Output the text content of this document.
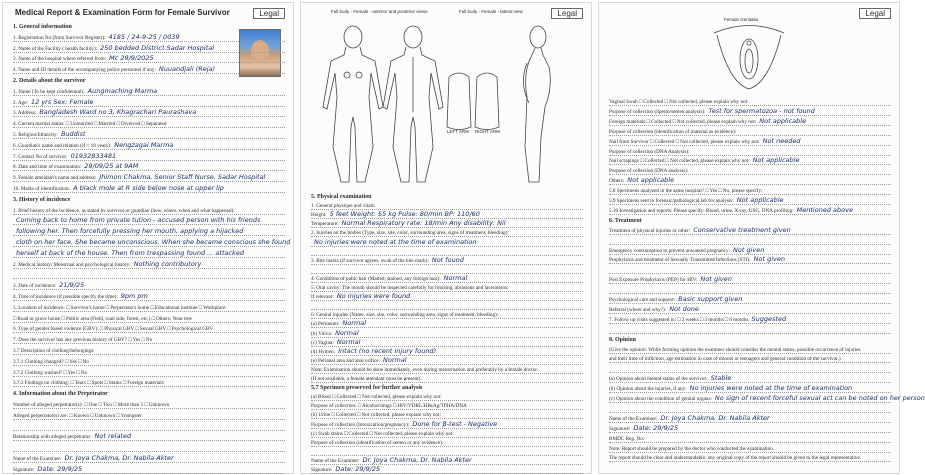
Medical Report & Examination Form for Female Survivor	Legal
1. General information
1. Registration No (from Survivor Register): 4185 / 24-9-25 / 0039
2. Name of the Facility ( health facility): 250 bedded District Sadar Hospital
3. Name of the hospital where referred from: Mc 29/9/2025
4. Name and ID details of the accompanying police personnel if any: Nuuandjali (Reja)
2. Details about the survivor
1. Name (To be kept confidential): Aungmaching Marma
2. Age: 12 yrs Sex: Female
3. Address: Bangladesh Ward no 3, Khagrachari Paurashava
4. Current marital status: □ Unmarried □ Married □ Divorced □ Separated
5. Religion/Ethnicity: Buddist
6. Guardian's name and relation (if < 18 years): Nengzagai Marma
7. Contact No of survivor: 01932833481
8. Date and time of examination: 29/09/25 at 9AM
9. Female attendant's name and address: Jhimon Chakma, Senior Staff Nurse, Sadar Hospital
10. Marks of identification: A black mole at R side below nose at upper lip
3. History of incidence
1. Brief history of the incidence, as stated by survivor or guardian (how, where, when and what happened):
Coming back to home from private tution - accused person with his friends
following her. Then forcefully pressing her mouth, applying a hijacked
cloth on her face. She became unconscious. When she became conscious she found
herself at back of the house. Then from trespassing found ... attacked
2. Medical history/ Menstrual and psychological history: Nothing contributory
3. Date of incidence: 21/9/25
4. Time of incidence (if possible specify the time): 9pm pm
5. Location of incidence: □ Survivor's home □ Perpetrator's home □ Educational institute □ Workplace
□ Road or grave house □ Public area (Field, road side, forest, etc.) □ Others: Near tree
6. Type of gender based violence (GBV): □ Physical GBV □ Sexual GBV □ Psychological GBV
7. Does the survivor has any previous history of GBV? □ Yes □ No
3.7 Description of clothing/belongings:
3.7.1 Clothing changed? □ Yes □ No
3.7.2 Clothing washed? □ Yes □ No
3.7.3 Findings on clothing: □ Tears □ Spots □ Stains □ Foreign materials
4. Information about the Perpetrator
Number of alleged perpetrator(s): □ One □ Two □ More than 5 □ Unknown
Alleged perpetrator(s) are: □ Known □ Unknown □ Youngster
Relationship with alleged perpetrator: Not related
Name of the Examiner: Dr. Joya Chakma, Dr. Nabila Akter
Signature: Date: 29/9/25
Legal
Full body - Female - anterior and posterior views	Full body - Female - lateral view
LEFT ARM RIGHT ARM
5. Physical examination
1. General physique and vitals:
Height: 5 feet Weight: 55 kg Pulse: 80/min BP: 110/60
Temperature: Normal Respiratory rate: 18/min Any disability: Nil
2. Injuries on the bodies (Type, size, site, color, surrounding area, signs of treatment, bleeding):
No injuries were noted at the time of examination
3. Bite marks (if survivor agrees, swab of the bite mark): Not found
4. Conditions of pubic hair (Matted, stained, any foreign hair): Normal
5. Oral cavity: The mouth should be inspected carefully for bruising, abrasions and lacerations:
If relevant: No injuries were found
6. Genital injuries (Name, size, site, color, surrounding area, signs of treatment, bleeding):
(a) Perineum: Normal
(b) Vulva: Normal
(c) Vagina: Normal
(d) Hymen: Intact (no recent injury found)
(e) Perianal area and anal orifice: Normal
Note: Examination should be done immediately, even during menstruation and preferably by a female doctor.
(If not available, a female attendant must be present).
5.7 Specimen preserved for further analysis
(a) Blood □ Collected □ Not collected, please explain why not:
Purpose of collection: □ Alcohol/drugs □ HIV/VDRL/HBsAg/TPHA/DNA
(b) Urine □ Collected □ Not collected, please explain why not:
Purpose of collection (Intoxication/pregnancy): Done for β-test - Negative
(c) Swab stains □ Collected □ Not collected, please explain why not:
Purpose of collection (identification of semen or any evidence):
Name of the Examiner: Dr. Joya Chakma, Dr. Nabila Akter
Signature: Date: 29/9/25
Legal
Female Genitalia
Vaginal Swab □ Collected □ Not collected, please explain why not:
Purpose of collection (Sperm/semen analysis): Test for spermatozoa - not found
Foreign materials □ Collected □ Not collected, please explain why not: Not applicable
Purpose of collection (identification of material as evidence):
Nail from Survivor □ Collected □ Not collected, please explain why not: Not needed
Purpose of collection (DNA Analysis):
Nail scrapings □ Collected □ Not collected, please explain why not: Not applicable
Purpose of collection (DNA analysis):
Others: Not applicable
5.8 Specimens analyzed in the same hospital? □ Yes □ No, please specify:
5.9 Specimens sent to forensic/pathological lab for analysis: Not applicable
5.10 Investigation and reports: Please specify: Blood, urine, X-ray, USG, DNA profiling: Mentioned above
6. Treatment
Treatment of physical injuries or other: Conservative treatment given
Emergency contraception to prevent unwanted pregnancy: Not given
Prophylaxis and treatment of Sexually Transmitted Infections (STI): Not given
Post Exposure Prophylaxis (PEP) for HIV: Not given
Psychological care and support: Basic support given
Referral (where and why?): Not done
7. Follow up visits suggested in: □ 2 weeks □ 3 months □ 6 months Suggested
8. Opinion
(Give the opinion: While forming opinion the examiner should consider the mental status, possible occurrence of injuries
and their time of infliction, age estimation in case of minors or teenagers and general condition of the survivor.)
(a) Opinion about mental status of the survivor: Stable
(b) Opinion about the injuries, if any: No injuries were noted at the time of examination
(c) Opinion about the condition of genital organs: No sign of recent forceful sexual act can be noted on her person
Name of the Examiner: Dr. Joya Chakma, Dr. Nabila Akter
Signature: Date: 29/9/25
BMDC Reg. No:
Note: Report should be prepared by the doctor who conducted the examination.
The report should be clear and understandable; any original copy of the report should be given to the legal representative.
